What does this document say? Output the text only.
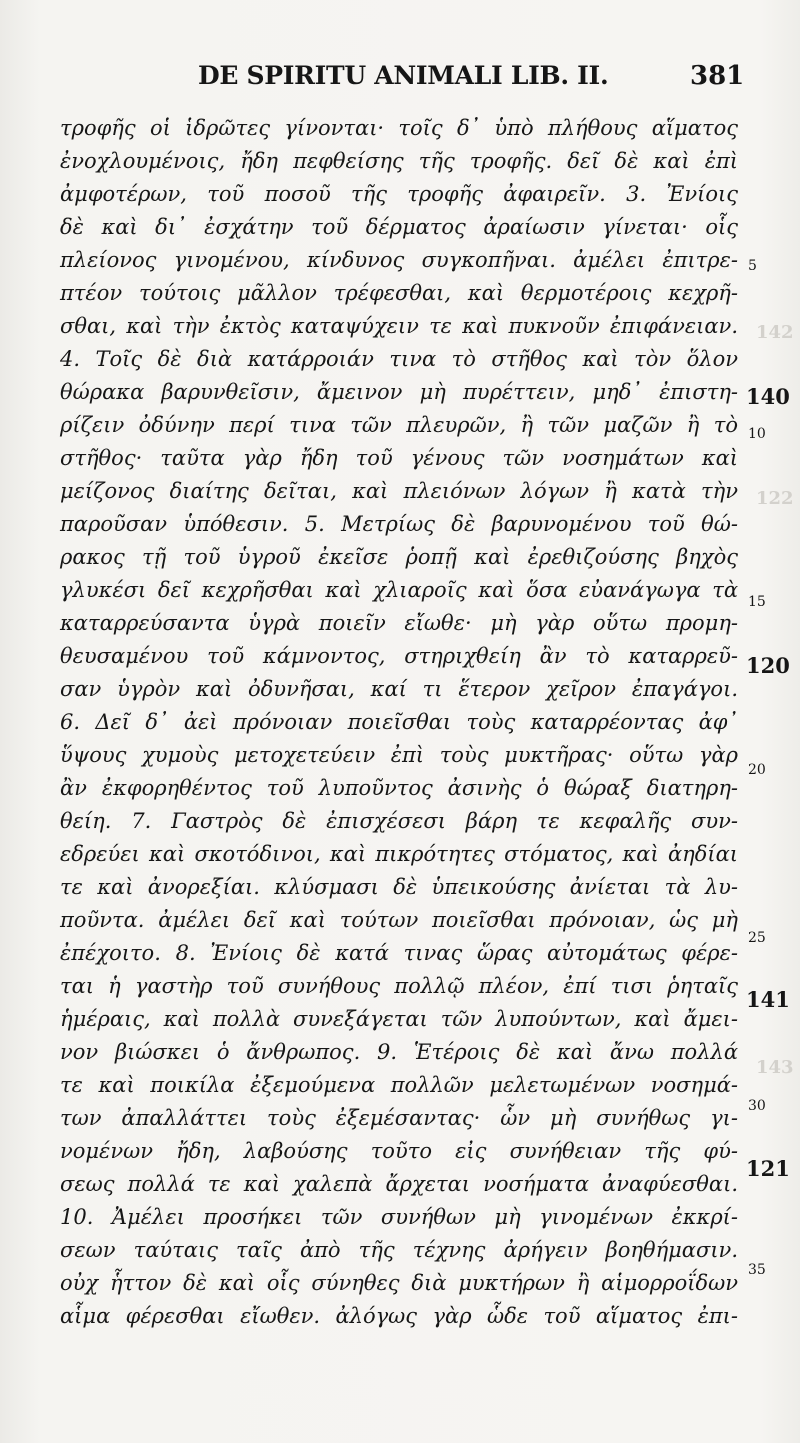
DE SPIRITU ANIMALI LIB. II.	381
τροφῆς οἱ ἱδρῶτες γίνονται· τοῖς δ᾿ ὑπὸ πλήθους αἵματος
ἐνοχλουμένοις, ἤδη πεφθείσης τῆς τροφῆς. δεῖ δὲ καὶ ἐπὶ
ἀμφοτέρων, τοῦ ποσοῦ τῆς τροφῆς ἀφαιρεῖν. 3. Ἐνίοις
δὲ καὶ δι᾿ ἐσχάτην τοῦ δέρματος ἀραίωσιν γίνεται· οἷς
πλείονος γινομένου, κίνδυνος συγκοπῆναι. ἀμέλει ἐπιτρε-
πτέον τούτοις μᾶλλον τρέφεσθαι, καὶ θερμοτέροις κεχρῆ-
σθαι, καὶ τὴν ἐκτὸς καταψύχειν τε καὶ πυκνοῦν ἐπιφάνειαν.
4. Τοῖς δὲ διὰ κατάρροιάν τινα τὸ στῆθος καὶ τὸν ὅλον
θώρακα βαρυνθεῖσιν, ἄμεινον μὴ πυρέττειν, μηδ᾿ ἐπιστη-
ρίζειν ὀδύνην περί τινα τῶν πλευρῶν, ἢ τῶν μαζῶν ἢ τὸ
στῆθος· ταῦτα γὰρ ἤδη τοῦ γένους τῶν νοσημάτων καὶ
μείζονος διαίτης δεῖται, καὶ πλειόνων λόγων ἢ κατὰ τὴν
παροῦσαν ὑπόθεσιν. 5. Μετρίως δὲ βαρυνομένου τοῦ θώ-
ρακος τῇ τοῦ ὑγροῦ ἐκεῖσε ῥοπῇ καὶ ἐρεθιζούσης βηχὸς
γλυκέσι δεῖ κεχρῆσθαι καὶ χλιαροῖς καὶ ὅσα εὐανάγωγα τὰ
καταρρεύσαντα ὑγρὰ ποιεῖν εἴωθε· μὴ γὰρ οὕτω προμη-
θευσαμένου τοῦ κάμνοντος, στηριχθείη ἂν τὸ καταρρεῦ-
σαν ὑγρὸν καὶ ὀδυνῆσαι, καί τι ἕτερον χεῖρον ἐπαγάγοι.
6. Δεῖ δ᾿ ἀεὶ πρόνοιαν ποιεῖσθαι τοὺς καταρρέοντας ἀφ᾿
ὕψους χυμοὺς μετοχετεύειν ἐπὶ τοὺς μυκτῆρας· οὕτω γὰρ
ἂν ἐκφορηθέντος τοῦ λυποῦντος ἀσινὴς ὁ θώραξ διατηρη-
θείη. 7. Γαστρὸς δὲ ἐπισχέσεσι βάρη τε κεφαλῆς συν-
εδρεύει καὶ σκοτόδινοι, καὶ πικρότητες στόματος, καὶ ἀηδίαι
τε καὶ ἀνορεξίαι. κλύσμασι δὲ ὑπεικούσης ἀνίεται τὰ λυ-
ποῦντα. ἀμέλει δεῖ καὶ τούτων ποιεῖσθαι πρόνοιαν, ὡς μὴ
ἐπέχοιτο. 8. Ἐνίοις δὲ κατά τινας ὥρας αὐτομάτως φέρε-
ται ἡ γαστὴρ τοῦ συνήθους πολλῷ πλέον, ἐπί τισι ῥηταῖς
ἡμέραις, καὶ πολλὰ συνεξάγεται τῶν λυπούντων, καὶ ἄμει-
νον βιώσκει ὁ ἄνθρωπος. 9. Ἑτέροις δὲ καὶ ἄνω πολλά
τε καὶ ποικίλα ἐξεμούμενα πολλῶν μελετωμένων νοσημά-
των ἀπαλλάττει τοὺς ἐξεμέσαντας· ὧν μὴ συνήθως γι-
νομένων ἤδη, λαβούσης τοῦτο εἰς συνήθειαν τῆς φύ-
σεως πολλά τε καὶ χαλεπὰ ἄρχεται νοσήματα ἀναφύεσθαι.
10. Ἀμέλει προσήκει τῶν συνήθων μὴ γινομένων ἐκκρί-
σεων ταύταις ταῖς ἀπὸ τῆς τέχνης ἀρήγειν βοηθήμασιν.
οὐχ ἧττον δὲ καὶ οἷς σύνηθες διὰ μυκτήρων ἢ αἱμορροΐδων
αἷμα φέρεσθαι εἴωθεν. ἀλόγως γὰρ ὧδε τοῦ αἵματος ἐπι-
5
10
15
20
25
30
35
140
120
141
121
142
122
143
